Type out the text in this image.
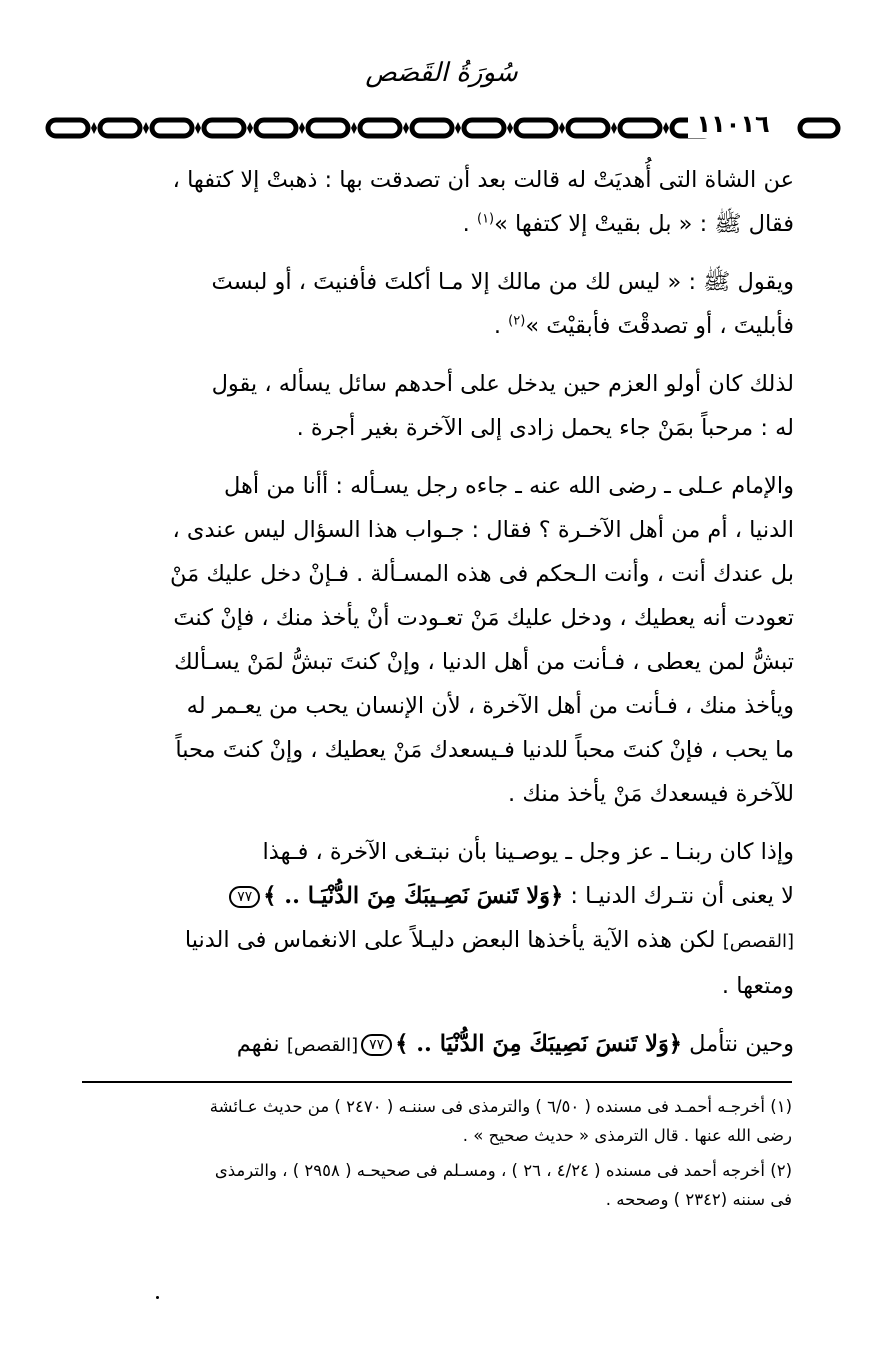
سُورَةُ القَصَص
١١٠١٦

عن الشاة التى أُهديَتْ له قالت بعد أن تصدقت بها : ذهبتْ إلا كتفها ،
فقال ﷺ : « بل بقيتْ إلا كتفها »$^{(١)}$ .

ويقول ﷺ : « ليس لك من مالك إلا مـا أكلتَ فأفنيتَ ، أو لبستَ
فأبليتَ ، أو تصدقْتَ فأبقيْتَ »$^{(٢)}$ .

لذلك كان أولو العزم حين يدخل على أحدهم سائل يسأله ، يقول
له : مرحباً بمَنْ جاء يحمل زادى إلى الآخرة بغير أجرة .

والإمام عـلى ـ رضى الله عنه ـ جاءه رجل يسـأله : أأنا من أهل
الدنيا ، أم من أهل الآخـرة ؟ فقال : جـواب هذا السؤال ليس عندى ،
بل عندك أنت ، وأنت الـحكم فى هذه المسـألة . فـإنْ دخل عليك مَنْ
تعودت أنه يعطيك ، ودخل عليك مَنْ تعـودت أنْ يأخذ منك ، فإنْ كنتَ
تبشُّ لمن يعطى ، فـأنت من أهل الدنيا ، وإنْ كنتَ تبشُّ لمَنْ يسـألك
ويأخذ منك ، فـأنت من أهل الآخرة ، لأن الإنسان يحب من يعـمر له
ما يحب ، فإنْ كنتَ محباً للدنيا فـيسعدك مَنْ يعطيك ، وإنْ كنتَ محباً
للآخرة فيسعدك مَنْ يأخذ منك .

وإذا كان ربنـا ـ عز وجل ـ يوصـينا بأن نبتـغى الآخرة ، فـهذا
لا يعنى أن نتـرك الدنيـا : ﴿وَلا تَنسَ نَصِـيبَكَ مِنَ الدُّنْيَـا .. ﴾٧٧
[القصص] لكن هذه الآية يأخذها البعض دليـلاً على الانغماس فى الدنيا
ومتعها .

وحين نتأمل ﴿وَلا تَنسَ نَصِيبَكَ مِنَ الدُّنْيَا .. ﴾٧٧[القصص] نفهم

(١) أخرجـه أحمـد فى مسنده ( ٦/٥٠ ) والترمذى فى سننـه ( ٢٤٧٠ ) من حديث عـائشة
رضى الله عنها . قال الترمذى « حديث صحيح » .

(٢) أخرجه أحمد فى مسنده ( ٤/٢٤ ، ٢٦ ) ، ومسـلم فى صحيحـه ( ٢٩٥٨ ) ، والترمذى
فى سننه (٢٣٤٢ ) وصححه .
